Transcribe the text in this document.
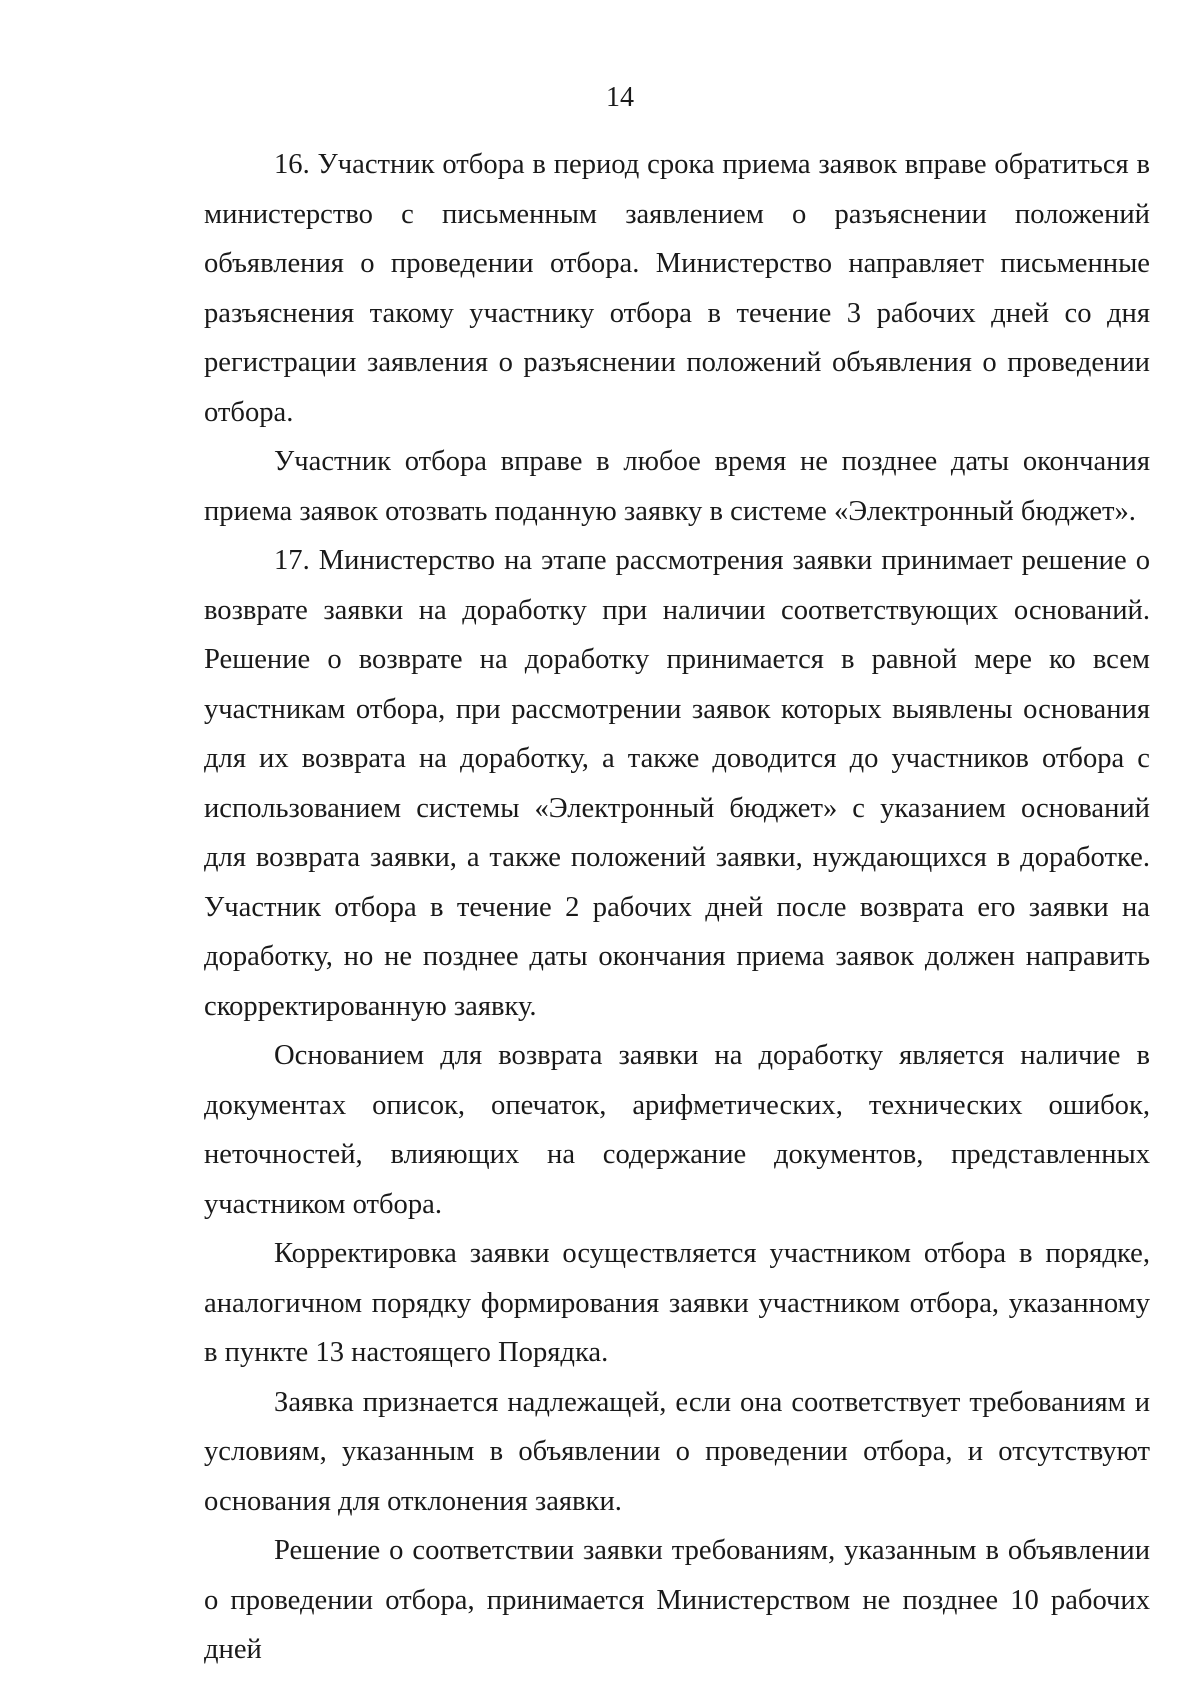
14

16. Участник отбора в период срока приема заявок вправе обратиться в министерство с письменным заявлением о разъяснении положений объявления о проведении отбора. Министерство направляет письменные разъяснения такому участнику отбора в течение 3 рабочих дней со дня регистрации заявления о разъяснении положений объявления о проведении отбора.

Участник отбора вправе в любое время не позднее даты окончания приема заявок отозвать поданную заявку в системе «Электронный бюджет».

17. Министерство на этапе рассмотрения заявки принимает решение о возврате заявки на доработку при наличии соответствующих оснований. Решение о возврате на доработку принимается в равной мере ко всем участникам отбора, при рассмотрении заявок которых выявлены основания для их возврата на доработку, а также доводится до участников отбора с использованием системы «Электронный бюджет» с указанием оснований для возврата заявки, а также положений заявки, нуждающихся в доработке. Участник отбора в течение 2 рабочих дней после возврата его заявки на доработку, но не позднее даты окончания приема заявок должен направить скорректированную заявку.

Основанием для возврата заявки на доработку является наличие в документах описок, опечаток, арифметических, технических ошибок, неточностей, влияющих на содержание документов, представленных участником отбора.

Корректировка заявки осуществляется участником отбора в порядке, аналогичном порядку формирования заявки участником отбора, указанному в пункте 13 настоящего Порядка.

Заявка признается надлежащей, если она соответствует требованиям и условиям, указанным в объявлении о проведении отбора, и отсутствуют основания для отклонения заявки.

Решение о соответствии заявки требованиям, указанным в объявлении о проведении отбора, принимается Министерством не позднее 10 рабочих дней
